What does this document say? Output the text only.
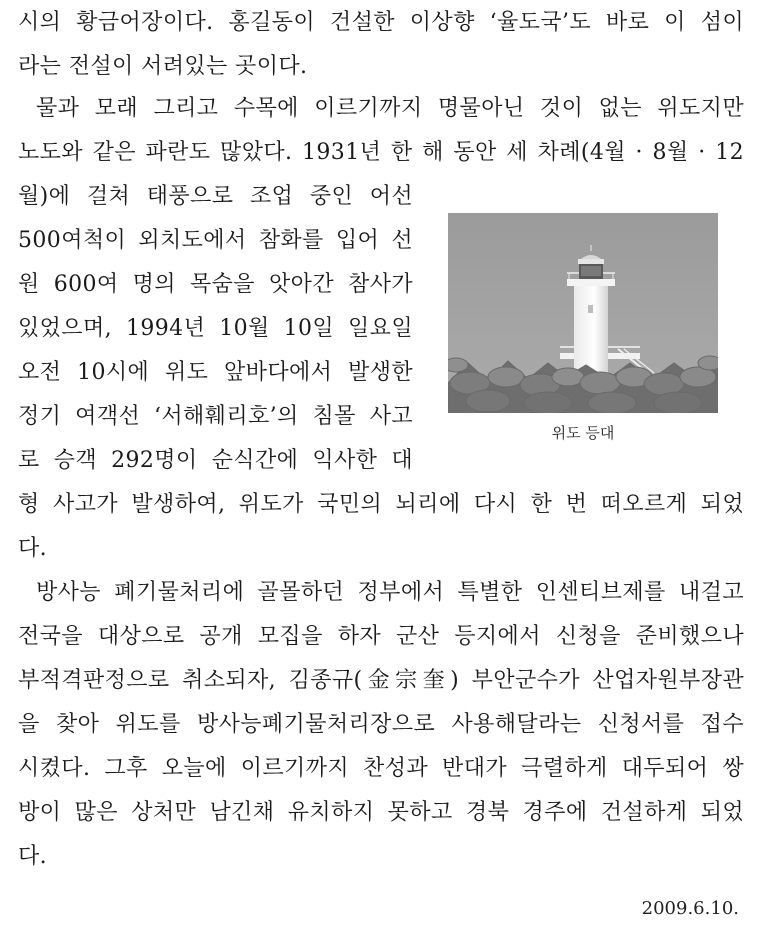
시의 황금어장이다. 홍길동이 건설한 이상향 ‘율도국’도 바로 이 섬이
라는 전설이 서려있는 곳이다.
물과 모래 그리고 수목에 이르기까지 명물아닌 것이 없는 위도지만
노도와 같은 파란도 많았다. 1931년 한 해 동안 세 차례(4월 · 8월 · 12
월)에 걸쳐 태풍으로 조업 중인 어선
500여척이 외치도에서 참화를 입어 선
원 600여 명의 목숨을 앗아간 참사가
있었으며, 1994년 10월 10일 일요일
오전 10시에 위도 앞바다에서 발생한
정기 여객선 ‘서해훼리호’의 침몰 사고
로 승객 292명이 순식간에 익사한 대
형 사고가 발생하여, 위도가 국민의 뇌리에 다시 한 번 떠오르게 되었
다.
방사능 폐기물처리에 골몰하던 정부에서 특별한 인센티브제를 내걸고
전국을 대상으로 공개 모집을 하자 군산 등지에서 신청을 준비했으나
부적격판정으로 취소되자, 김종규(金宗奎) 부안군수가 산업자원부장관
을 찾아 위도를 방사능폐기물처리장으로 사용해달라는 신청서를 접수
시켰다. 그후 오늘에 이르기까지 찬성과 반대가 극렬하게 대두되어 쌍
방이 많은 상처만 남긴채 유치하지 못하고 경북 경주에 건설하게 되었
다.
위도 등대
2009.6.10.
